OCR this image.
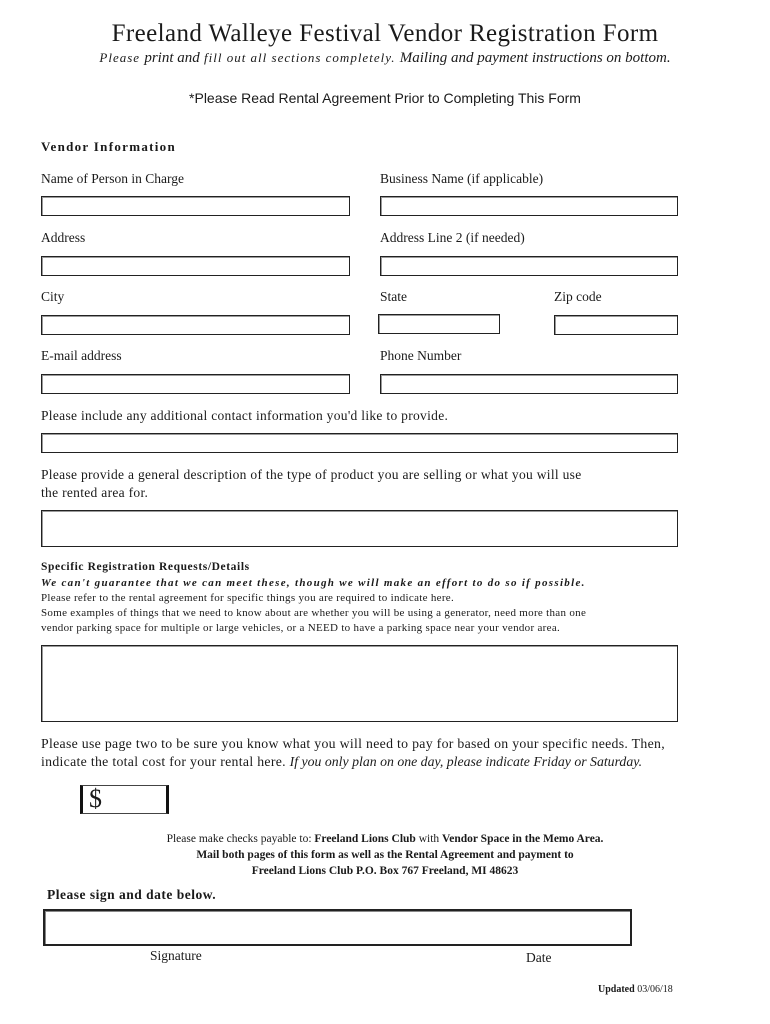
Freeland Walleye Festival Vendor Registration Form
Please print and fill out all sections completely. Mailing and payment instructions on bottom.
*Please Read Rental Agreement Prior to Completing This Form
Vendor Information
Name of Person in Charge	Business Name (if applicable)
Address	Address Line 2 (if needed)
City	State	Zip code
E-mail address	Phone Number
Please include any additional contact information you'd like to provide.
Please provide a general description of the type of product you are selling or what you will use
the rented area for.
Specific Registration Requests/Details
We can't guarantee that we can meet these, though we will make an effort to do so if possible.
Please refer to the rental agreement for specific things you are required to indicate here.
Some examples of things that we need to know about are whether you will be using a generator, need more than one
vendor parking space for multiple or large vehicles, or a NEED to have a parking space near your vendor area.
Please use page two to be sure you know what you will need to pay for based on your specific needs. Then,
indicate the total cost for your rental here. If you only plan on one day, please indicate Friday or Saturday.
$
Please make checks payable to: Freeland Lions Club with Vendor Space in the Memo Area.
Mail both pages of this form as well as the Rental Agreement and payment to
Freeland Lions Club P.O. Box 767 Freeland, MI 48623
Please sign and date below.
Signature	Date
Updated 03/06/18
